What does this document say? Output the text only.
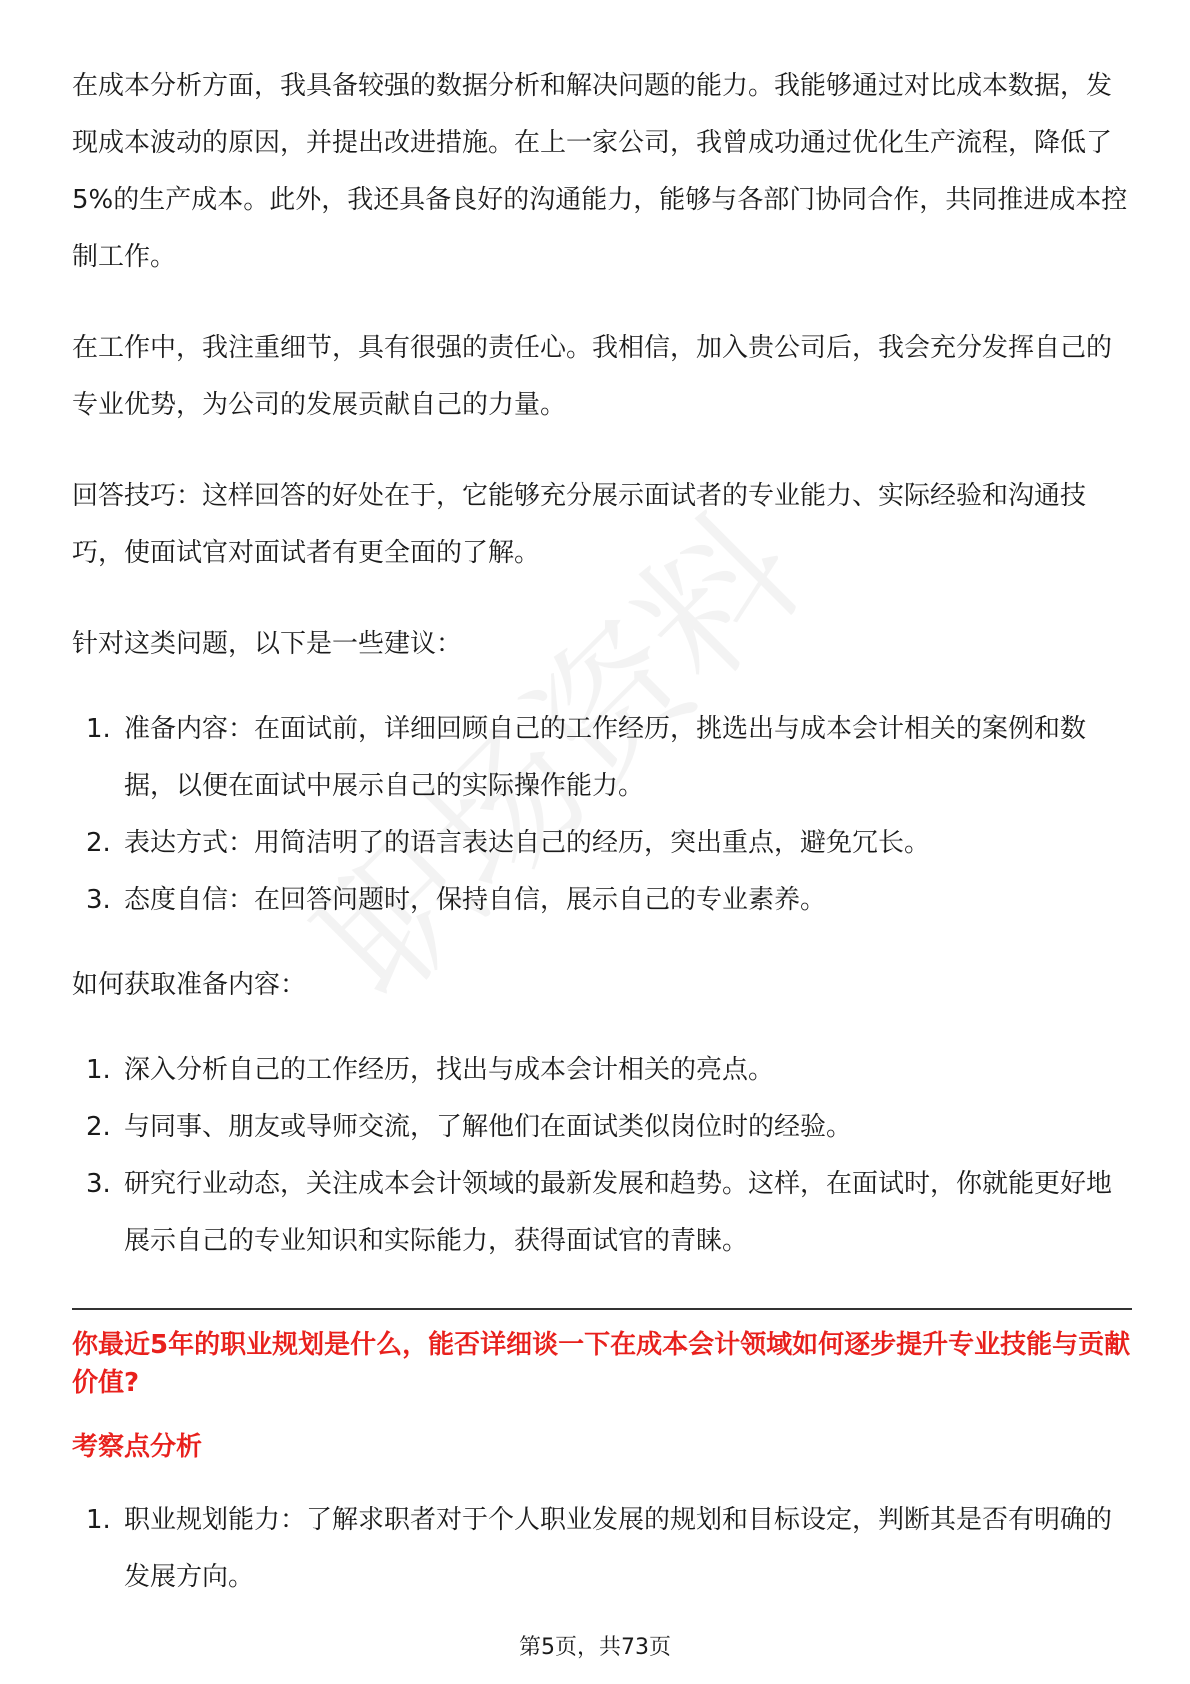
在成本分析方面，我具备较强的数据分析和解决问题的能力。我能够通过对比成本数据，发现成本波动的原因，并提出改进措施。在上一家公司，我曾成功通过优化生产流程，降低了5%的生产成本。此外，我还具备良好的沟通能力，能够与各部门协同合作，共同推进成本控制工作。

在工作中，我注重细节，具有很强的责任心。我相信，加入贵公司后，我会充分发挥自己的专业优势，为公司的发展贡献自己的力量。

回答技巧：这样回答的好处在于，它能够充分展示面试者的专业能力、实际经验和沟通技巧，使面试官对面试者有更全面的了解。

针对这类问题，以下是一些建议：

1. 准备内容：在面试前，详细回顾自己的工作经历，挑选出与成本会计相关的案例和数据，以便在面试中展示自己的实际操作能力。
2. 表达方式：用简洁明了的语言表达自己的经历，突出重点，避免冗长。
3. 态度自信：在回答问题时，保持自信，展示自己的专业素养。

如何获取准备内容：

1. 深入分析自己的工作经历，找出与成本会计相关的亮点。
2. 与同事、朋友或导师交流，了解他们在面试类似岗位时的经验。
3. 研究行业动态，关注成本会计领域的最新发展和趋势。这样，在面试时，你就能更好地展示自己的专业知识和实际能力，获得面试官的青睐。

你最近5年的职业规划是什么，能否详细谈一下在成本会计领域如何逐步提升专业技能与贡献价值?

考察点分析

1. 职业规划能力：了解求职者对于个人职业发展的规划和目标设定，判断其是否有明确的发展方向。
第5页，共73页
